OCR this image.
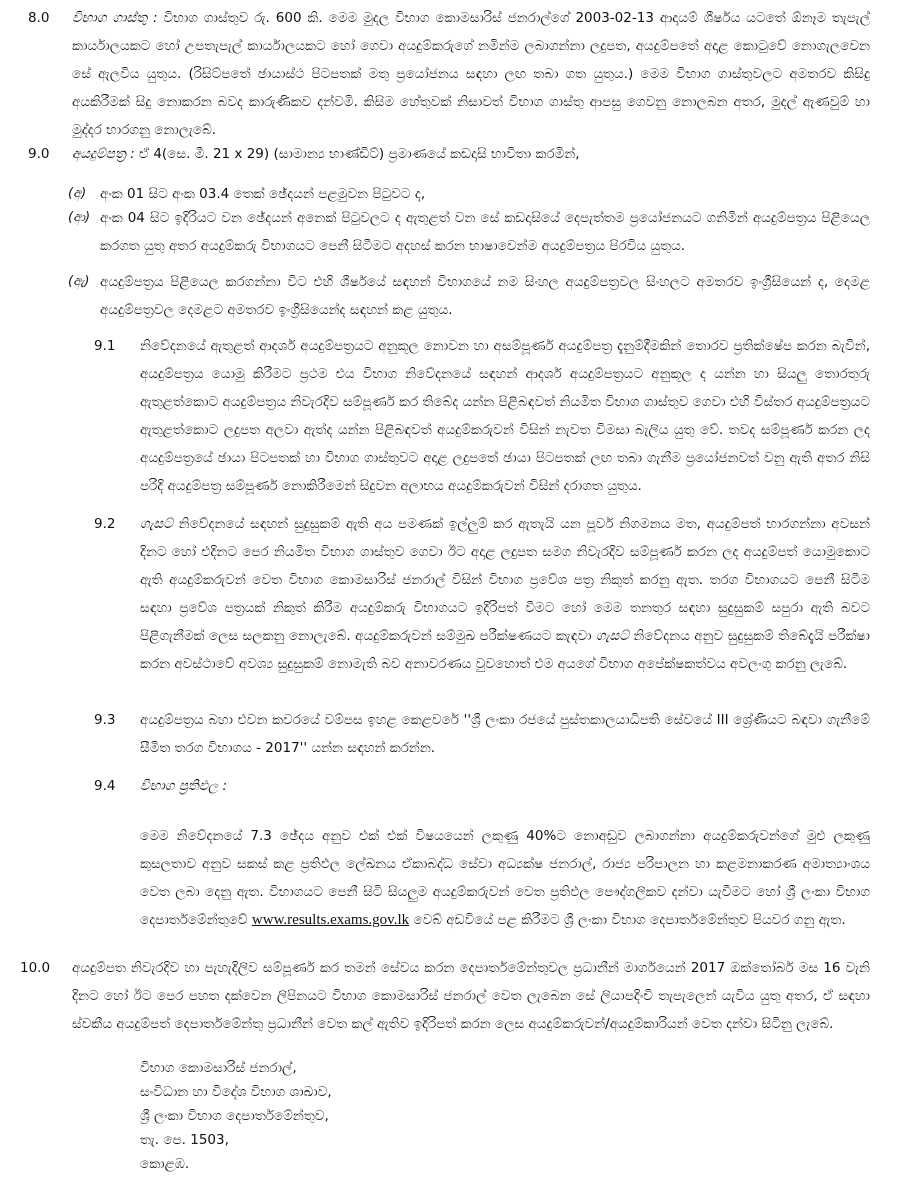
8.0 විභාග ගාස්තු : විභාග ගාස්තුව රු. 600 කි. මෙම මුදල විභාග කොමසාරිස් ජනරාල්ගේ 2003-02-13 ආදායම් ශීර්ෂය යටතේ ඕනෑම තැපැල් කාර්යාලයකට හෝ උපතැපැල් කාර්යාලයකට හෝ ගෙවා අයදුම්කරුගේ නමින්ම ලබාගන්නා ලදුපත, අයදුම්පතේ අදාළ කොටුවේ නොගැලවෙන සේ ඇලවිය යුතුය. (රිසිට්පතේ ඡායාස්ථ පිටපතක් මතු ප්‍රයෝජනය සඳහා ලඟ තබා ගත යුතුය.) මෙම විභාග ගාස්තුවලට අමතරව කිසිදු අයකිරීමක් සිදු නොකරන බවද කාරුණිකව දන්වමි. කිසිම හේතුවක් නිසාවත් විභාග ගාස්තු ආපසු ගෙවනු නොලබන අතර, මුදල් ඇණවුම් හා මුද්දර භාරගනු නොලැබේ.
9.0 අයදුම්පත්‍ර : ඒ 4(සෙ. මී. 21 x 29) (සාමාන්‍ය භාණ්ඩිට්) ප්‍රමාණයේ කඩදාසි භාවිතා කරමින්,
(අ) අංක 01 සිට අංක 03.4 තෙක් ඡේදයන් පළමුවන පිටුවට ද,
(ආ) අංක 04 සිට ඉදිරියට වන ඡේදයන් අනෙක් පිටුවලට ද ඇතුළත් වන සේ කඩදාසියේ දෙපැත්තම ප්‍රයෝජනයට ගනිමින් අයදුම්පත්‍රය පිළියෙල කරගත යුතු අතර අයදුම්කරු විභාගයට පෙනී සිටීමට අදහස් කරන භාෂාවෙන්ම අයදුම්පත්‍රය පිරවිය යුතුය.
(ඇ) අයදුම්පත්‍රය පිළියෙල කරගන්නා විට එහි ශීර්ෂයේ සඳහන් විභාගයේ නම සිංහල අයදුම්පත්‍රවල සිංහලට අමතරව ඉංග්‍රීසියෙන් ද, දෙමළ අයදුම්පත්‍රවල දෙමළට අමතරව ඉංග්‍රීසියෙන්ද සඳහන් කළ යුතුය.
9.1 නිවේදනයේ ඇතුළත් ආදර්ශ අයදුම්පත්‍රයට අනුකූල නොවන හා අසම්පූර්ණ අයදුම්පත්‍ර දැනුම්දීමකින් තොරව ප්‍රතික්ෂේප කරන බැවින්, අයදුම්පත්‍රය යොමු කිරීමට ප්‍රථම එය විභාග නිවේදනයේ සඳහන් ආදර්ශ අයදුම්පත්‍රයට අනුකූල ද යන්න හා සියලු තොරතුරු ඇතුළත්කොට අයදුම්පත්‍රය නිවැරදිව සම්පූර්ණ කර තිබේද යන්න පිළිබඳවත් නියමිත විභාග ගාස්තුව ගෙවා එහි විස්තර අයදුම්පත්‍රයට ඇතුළත්කොට ලදුපත අලවා ඇත්ද යන්න පිළිබඳවත් අයදුම්කරුවන් විසින් නැවත විමසා බැලිය යුතු වේ. තවද සම්පූර්ණ කරන ලද අයදුම්පත්‍රයේ ඡායා පිටපතක් හා විභාග ගාස්තුවට අදාළ ලදුපතේ ඡායා පිටපතක් ලඟ තබා ගැනීම ප්‍රයෝජනවත් වනු ඇති අතර නිසි පරිදි අයදුම්පත්‍ර සම්පූර්ණ නොකිරීමෙන් සිදුවන අලාභය අයදුම්කරුවන් විසින් දරාගත යුතුය.
9.2 ගැසට් නිවේදනයේ සඳහන් සුදුසුකම් ඇති අය පමණක් ඉල්ලුම් කර ඇතැයි යන පූර්ව නිගමනය මත, අයදුම්පත් භාරගන්නා අවසන් දිනට හෝ එදිනට පෙර නියමිත විභාග ගාස්තුව ගෙවා ඊට අදාළ ලදුපත සමග නිවැරදිව සම්පූර්ණ කරන ලද අයදුම්පත් යොමුකොට ඇති අයදුම්කරුවන් වෙත විභාග කොමසාරිස් ජනරාල් විසින් විභාග ප්‍රවේශ පත්‍ර නිකුත් කරනු ඇත. තරග විභාගයට පෙනී සිටීම සඳහා ප්‍රවේශ පත්‍රයක් නිකුත් කිරීම අයදුම්කරු විභාගයට ඉදිරිපත් වීමට හෝ මෙම තනතුර සඳහා සුදුසුකම් සපුරා ඇති බවට පිළිගැනීමක් ලෙස සලකනු නොලැබේ. අයදුම්කරුවන් සම්මුඛ පරීක්ෂණයට කැඳවා ගැසට් නිවේදනය අනුව සුදුසුකම් තිබේදැයි පරීක්ෂා කරන අවස්ථාවේ අවශ්‍ය සුදුසුකම් නොමැති බව අනාවරණය වුවහොත් එම අයගේ විභාග අපේක්ෂකත්වය අවලංගු කරනු ලැබේ.
9.3 අයදුම්පත්‍රය බහා එවන කවරයේ වම්පස ඉහළ කෙළවරේ ''ශ්‍රී ලංකා රජයේ පුස්තකාලයාධිපති සේවයේ III ශ්‍රේණියට බඳවා ගැනීමේ සීමිත තරග විභාගය - 2017'' යන්න සඳහන් කරන්න.
9.4 විභාග ප්‍රතිඵල :
මෙම නිවේදනයේ 7.3 ඡේදය අනුව එක් එක් විෂයයෙන් ලකුණු 40%ට නොඅඩුව ලබාගන්නා අයදුම්කරුවන්ගේ මුළු ලකුණු කුසලතාව අනුව සකස් කළ ප්‍රතිඵල ලේඛනය ඒකාබද්ධ සේවා අධ්‍යක්ෂ ජනරාල්, රාජ්‍ය පරිපාලන හා කළමනාකරණ අමාත්‍යාංශය වෙත ලබා දෙනු ඇත. විභාගයට පෙනී සිටි සියලුම අයදුම්කරුවන් වෙත ප්‍රතිඵල පෞද්ගලිකව දන්වා යැවීමට හෝ ශ්‍රී ලංකා විභාග දෙපාර්තමේන්තුවේ www.results.exams.gov.lk වෙබ් අඩවියේ පළ කිරීමට ශ්‍රී ලංකා විභාග දෙපාර්තමේන්තුව පියවර ගනු ඇත.
10.0 අයදුම්පත නිවැරදිව හා පැහැදිලිව සම්පූර්ණ කර තමන් සේවය කරන දෙපාර්තමේන්තුවල ප්‍රධානීන් මාර්ගයෙන් 2017 ඔක්තෝබර් මස 16 වැනි දිනට හෝ ඊට පෙර පහත දක්වෙන ලිපිනයට විභාග කොමසාරිස් ජනරාල් වෙත ලැබෙන සේ ලියාපදිංචි තැපැලෙන් යැවිය යුතු අතර, ඒ සඳහා ස්වකීය අයදුම්පත් දෙපාර්තමේන්තු ප්‍රධානීන් වෙත කල් ඇතිව ඉදිරිපත් කරන ලෙස අයදුම්කරුවන්/අයදුම්කාරියන් වෙත දන්වා සිටිනු ලැබේ.
විභාග කොමසාරිස් ජනරාල්,
සංවිධාන හා විදේශ විභාග ශාඛාව,
ශ්‍රී ලංකා විභාග දෙපාර්තමේන්තුව,
තැ. පෙ. 1503,
කොළඹ.
